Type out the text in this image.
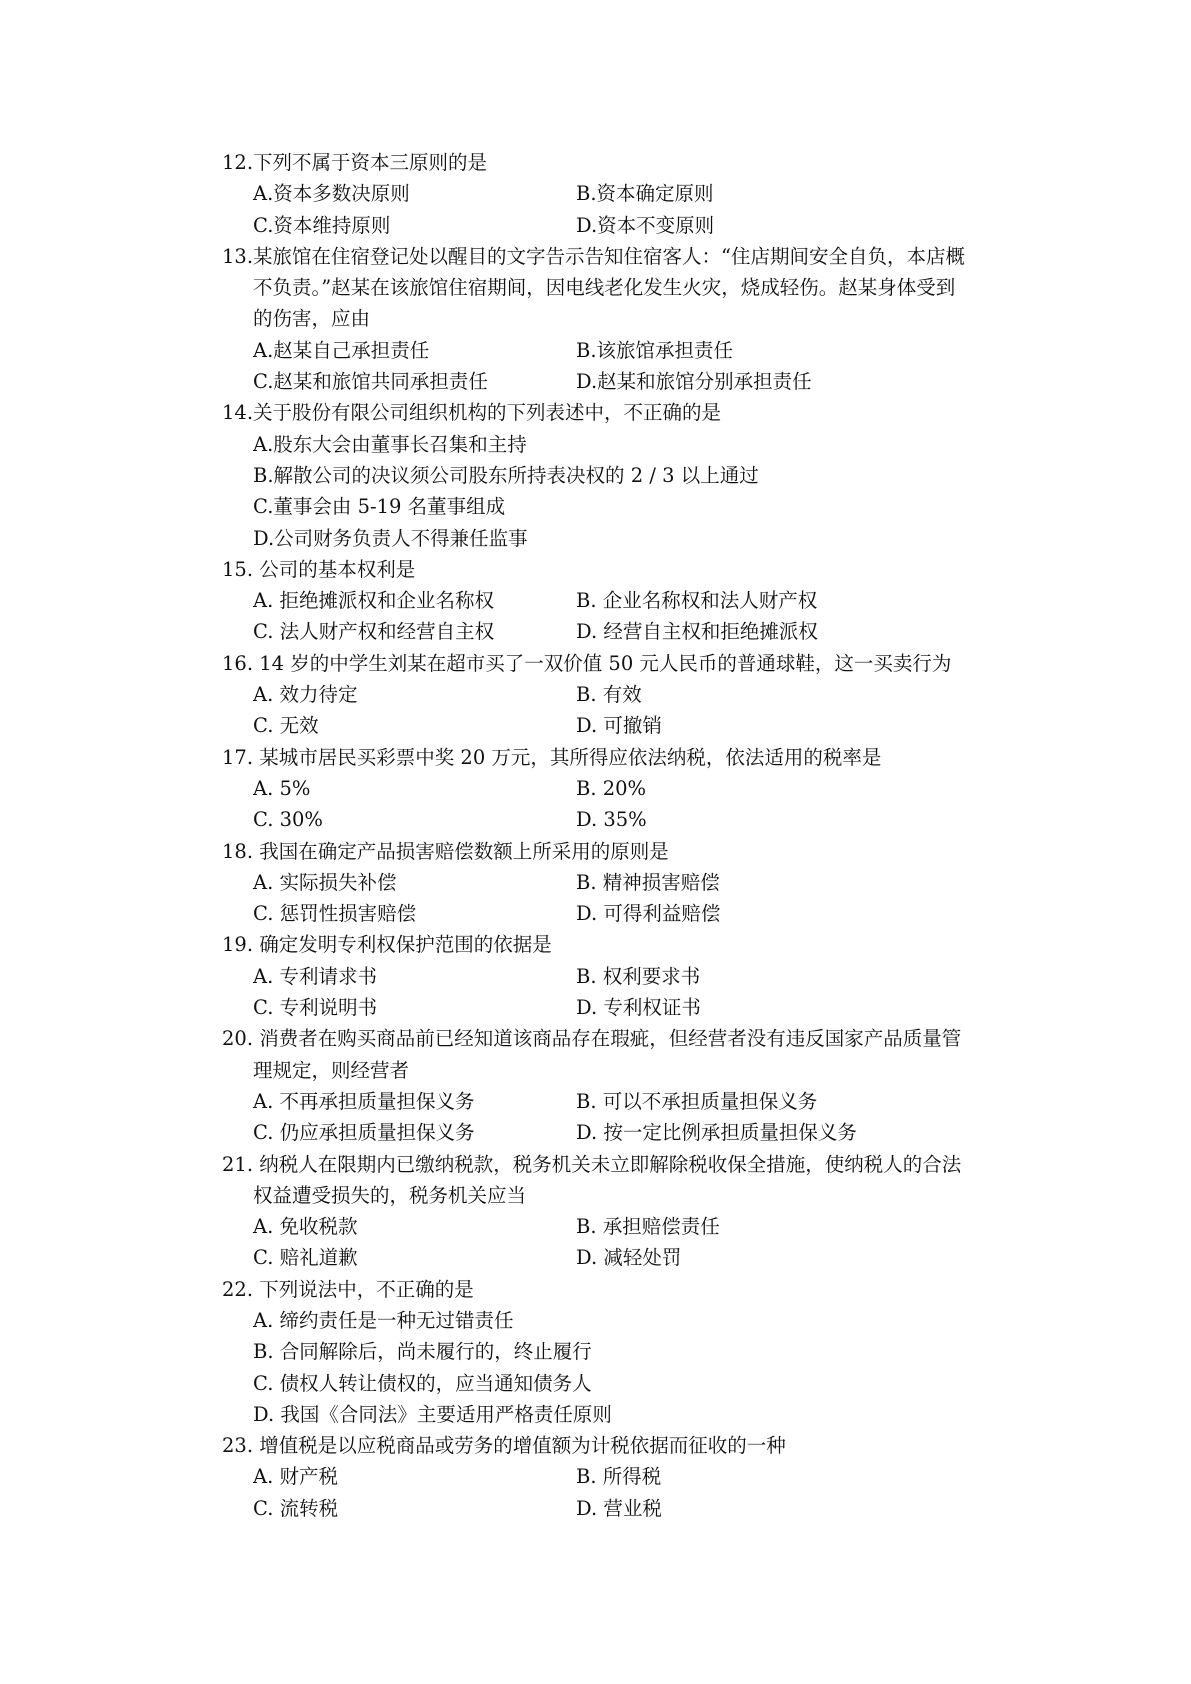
12.下列不属于资本三原则的是
A.资本多数决原则	B.资本确定原则
C.资本维持原则	D.资本不变原则
13.某旅馆在住宿登记处以醒目的文字告示告知住宿客人：“住店期间安全自负，本店概
不负责。”赵某在该旅馆住宿期间，因电线老化发生火灾，烧成轻伤。赵某身体受到
的伤害，应由
A.赵某自己承担责任	B.该旅馆承担责任
C.赵某和旅馆共同承担责任	D.赵某和旅馆分别承担责任
14.关于股份有限公司组织机构的下列表述中，不正确的是
A.股东大会由董事长召集和主持
B.解散公司的决议须公司股东所持表决权的 2 / 3 以上通过
C.董事会由 5-19 名董事组成
D.公司财务负责人不得兼任监事
15. 公司的基本权利是
A. 拒绝摊派权和企业名称权	B. 企业名称权和法人财产权
C. 法人财产权和经营自主权	D. 经营自主权和拒绝摊派权
16. 14 岁的中学生刘某在超市买了一双价值 50 元人民币的普通球鞋，这一买卖行为
A. 效力待定	B. 有效
C. 无效	D. 可撤销
17. 某城市居民买彩票中奖 20 万元，其所得应依法纳税，依法适用的税率是
A. 5%	B. 20%
C. 30%	D. 35%
18. 我国在确定产品损害赔偿数额上所采用的原则是
A. 实际损失补偿	B. 精神损害赔偿
C. 惩罚性损害赔偿	D. 可得利益赔偿
19. 确定发明专利权保护范围的依据是
A. 专利请求书	B. 权利要求书
C. 专利说明书	D. 专利权证书
20. 消费者在购买商品前已经知道该商品存在瑕疵，但经营者没有违反国家产品质量管
理规定，则经营者
A. 不再承担质量担保义务	B. 可以不承担质量担保义务
C. 仍应承担质量担保义务	D. 按一定比例承担质量担保义务
21. 纳税人在限期内已缴纳税款，税务机关未立即解除税收保全措施，使纳税人的合法
权益遭受损失的，税务机关应当
A. 免收税款	B. 承担赔偿责任
C. 赔礼道歉	D. 减轻处罚
22. 下列说法中，不正确的是
A. 缔约责任是一种无过错责任
B. 合同解除后，尚未履行的，终止履行
C. 债权人转让债权的，应当通知债务人
D. 我国《合同法》主要适用严格责任原则
23. 增值税是以应税商品或劳务的增值额为计税依据而征收的一种
A. 财产税	B. 所得税
C. 流转税	D. 营业税
